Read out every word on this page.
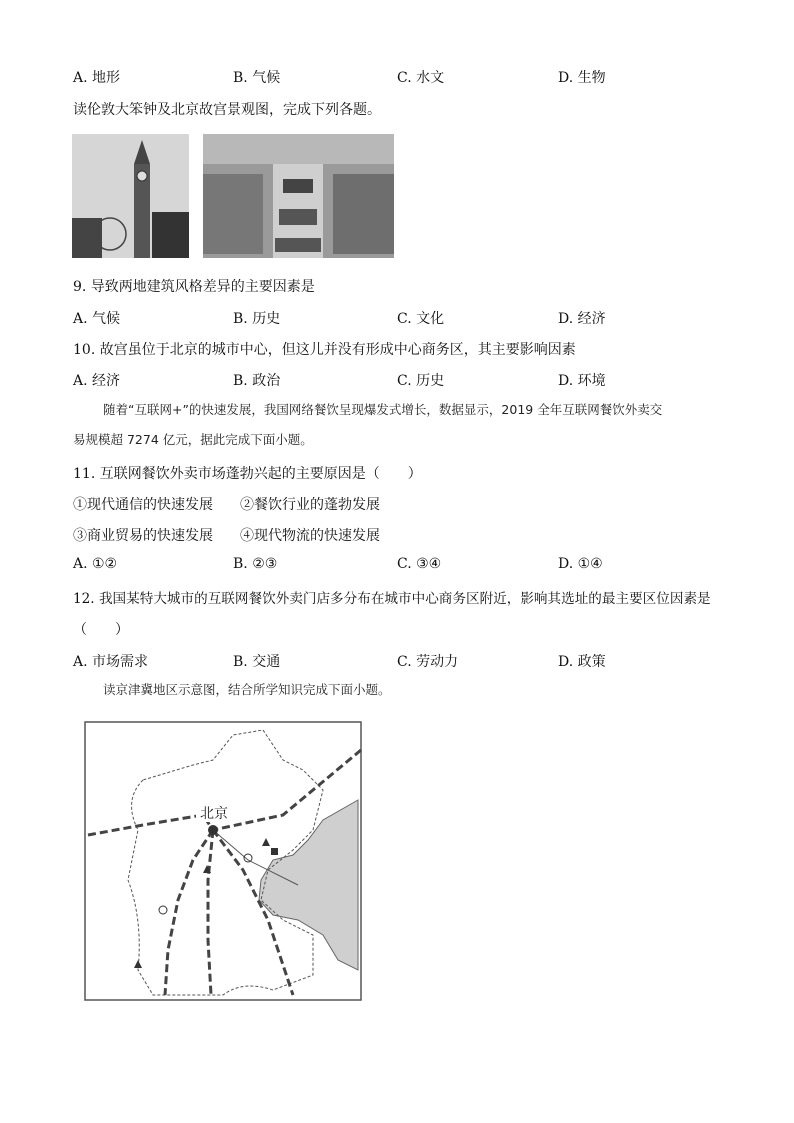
A. 地形	B. 气候	C. 水文	D. 生物
读伦敦大笨钟及北京故宫景观图，完成下列各题。
9. 导致两地建筑风格差异的主要因素是
A. 气候	B. 历史	C. 文化	D. 经济
10. 故宫虽位于北京的城市中心，但这儿并没有形成中心商务区，其主要影响因素
A. 经济	B. 政治	C. 历史	D. 环境
随着“互联网+”的快速发展，我国网络餐饮呈现爆发式增长，数据显示，2019 全年互联网餐饮外卖交
易规模超 7274 亿元，据此完成下面小题。
11. 互联网餐饮外卖市场蓬勃兴起的主要原因是（　　）
①现代通信的快速发展 ②餐饮行业的蓬勃发展
③商业贸易的快速发展 ④现代物流的快速发展
A. ①②	B. ②③	C. ③④	D. ①④
12. 我国某特大城市的互联网餐饮外卖门店多分布在城市中心商务区附近，影响其选址的最主要区位因素是
（　　）
A. 市场需求	B. 交通	C. 劳动力	D. 政策
读京津冀地区示意图，结合所学知识完成下面小题。
北京
